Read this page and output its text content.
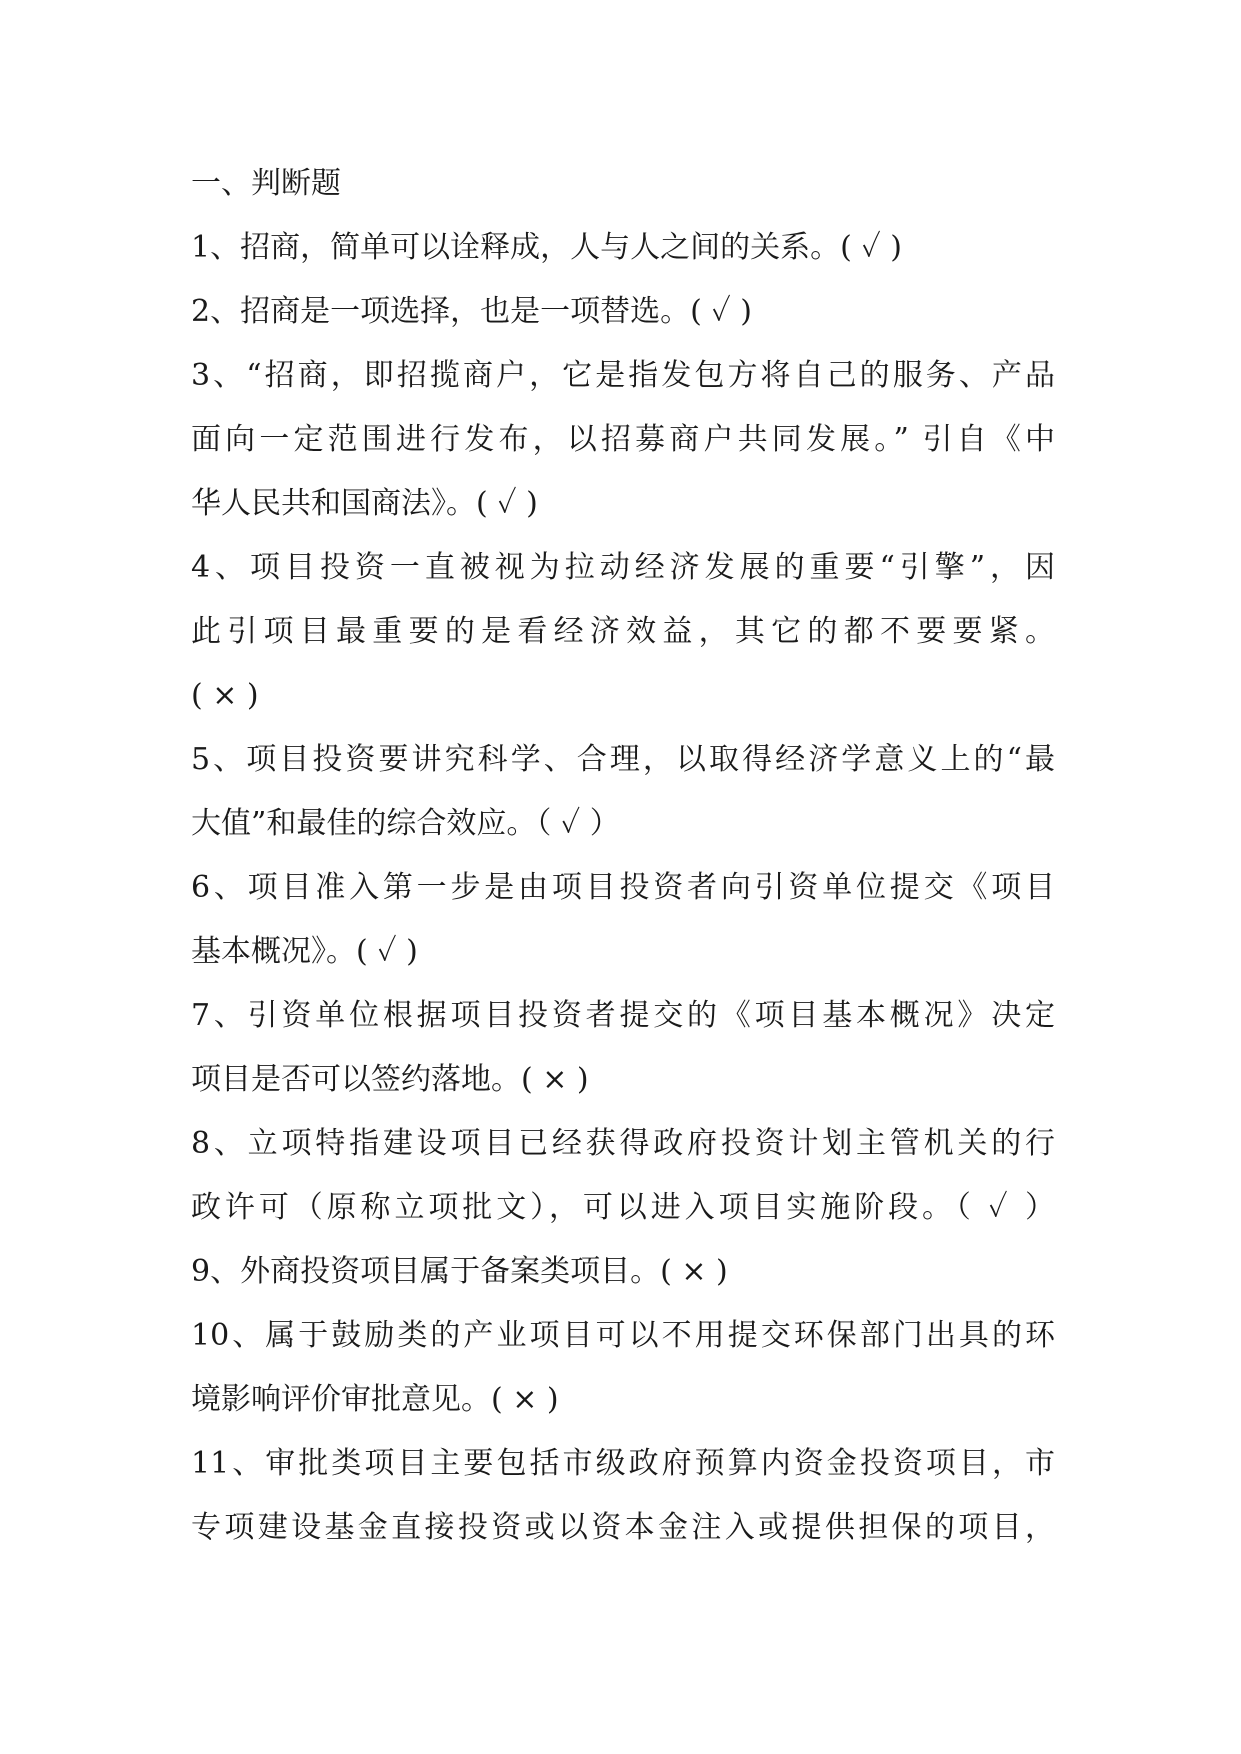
一、判断题
1、招商，简单可以诠释成，人与人之间的关系。( ✓ )
2、招商是一项选择，也是一项替选。( ✓ )
3、“招商，即招揽商户，它是指发包方将自己的服务、产品
面向一定范围进行发布，以招募商户共同发展。” 引自《中
华人民共和国商法》。( ✓ )
4、项目投资一直被视为拉动经济发展的重要“引擎”，因
此引项目最重要的是看经济效益，其它的都不要要紧。
( × )
5、项目投资要讲究科学、合理，以取得经济学意义上的“最
大值”和最佳的综合效应。（ ✓ ）
6、项目准入第一步是由项目投资者向引资单位提交《项目
基本概况》。( ✓ )
7、引资单位根据项目投资者提交的《项目基本概况》决定
项目是否可以签约落地。( × )
8、立项特指建设项目已经获得政府投资计划主管机关的行
政许可（原称立项批文），可以进入项目实施阶段。（ ✓ ）
9、外商投资项目属于备案类项目。( × )
10、属于鼓励类的产业项目可以不用提交环保部门出具的环
境影响评价审批意见。( × )
11、审批类项目主要包括市级政府预算内资金投资项目，市
专项建设基金直接投资或以资本金注入或提供担保的项目，
